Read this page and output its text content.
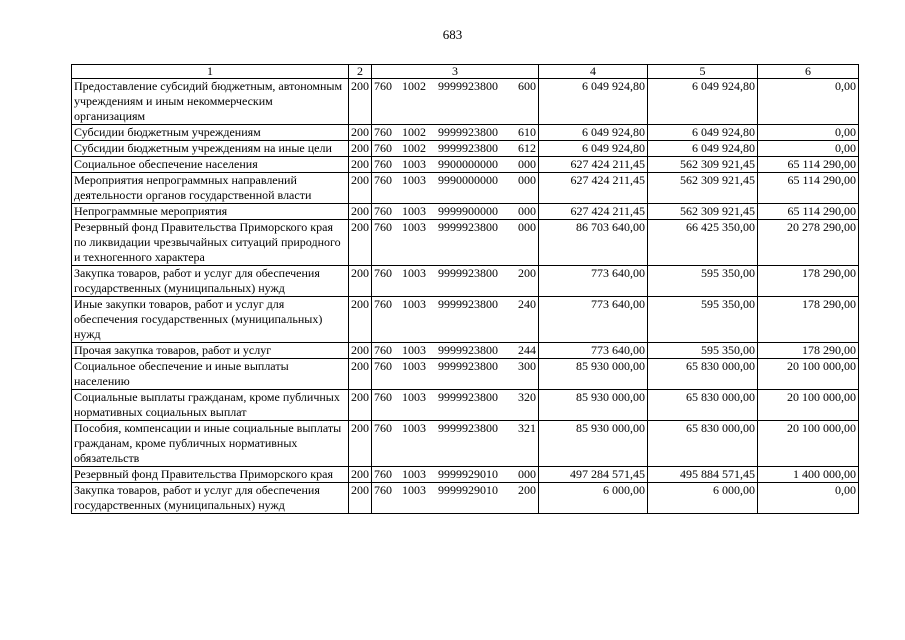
683
1	2	3	4	5	6
Предоставление субсидий бюджетным, автономным учреждениям и иным некоммерческим организациям	200	760 1002 9999923800 600	6 049 924,80	6 049 924,80	0,00
Субсидии бюджетным учреждениям	200	760 1002 9999923800 610	6 049 924,80	6 049 924,80	0,00
Субсидии бюджетным учреждениям на иные цели	200	760 1002 9999923800 612	6 049 924,80	6 049 924,80	0,00
Социальное обеспечение населения	200	760 1003 9900000000 000	627 424 211,45	562 309 921,45	65 114 290,00
Мероприятия непрограммных направлений деятельности органов государственной власти	200	760 1003 9990000000 000	627 424 211,45	562 309 921,45	65 114 290,00
Непрограммные мероприятия	200	760 1003 9999900000 000	627 424 211,45	562 309 921,45	65 114 290,00
Резервный фонд Правительства Приморского края по ликвидации чрезвычайных ситуаций природного и техногенного характера	200	760 1003 9999923800 000	86 703 640,00	66 425 350,00	20 278 290,00
Закупка товаров, работ и услуг для обеспечения государственных (муниципальных) нужд	200	760 1003 9999923800 200	773 640,00	595 350,00	178 290,00
Иные закупки товаров, работ и услуг для обеспечения государственных (муниципальных) нужд	200	760 1003 9999923800 240	773 640,00	595 350,00	178 290,00
Прочая закупка товаров, работ и услуг	200	760 1003 9999923800 244	773 640,00	595 350,00	178 290,00
Социальное обеспечение и иные выплаты населению	200	760 1003 9999923800 300	85 930 000,00	65 830 000,00	20 100 000,00
Социальные выплаты гражданам, кроме публичных нормативных социальных выплат	200	760 1003 9999923800 320	85 930 000,00	65 830 000,00	20 100 000,00
Пособия, компенсации и иные социальные выплаты гражданам, кроме публичных нормативных обязательств	200	760 1003 9999923800 321	85 930 000,00	65 830 000,00	20 100 000,00
Резервный фонд Правительства Приморского края	200	760 1003 9999929010 000	497 284 571,45	495 884 571,45	1 400 000,00
Закупка товаров, работ и услуг для обеспечения государственных (муниципальных) нужд	200	760 1003 9999929010 200	6 000,00	6 000,00	0,00
